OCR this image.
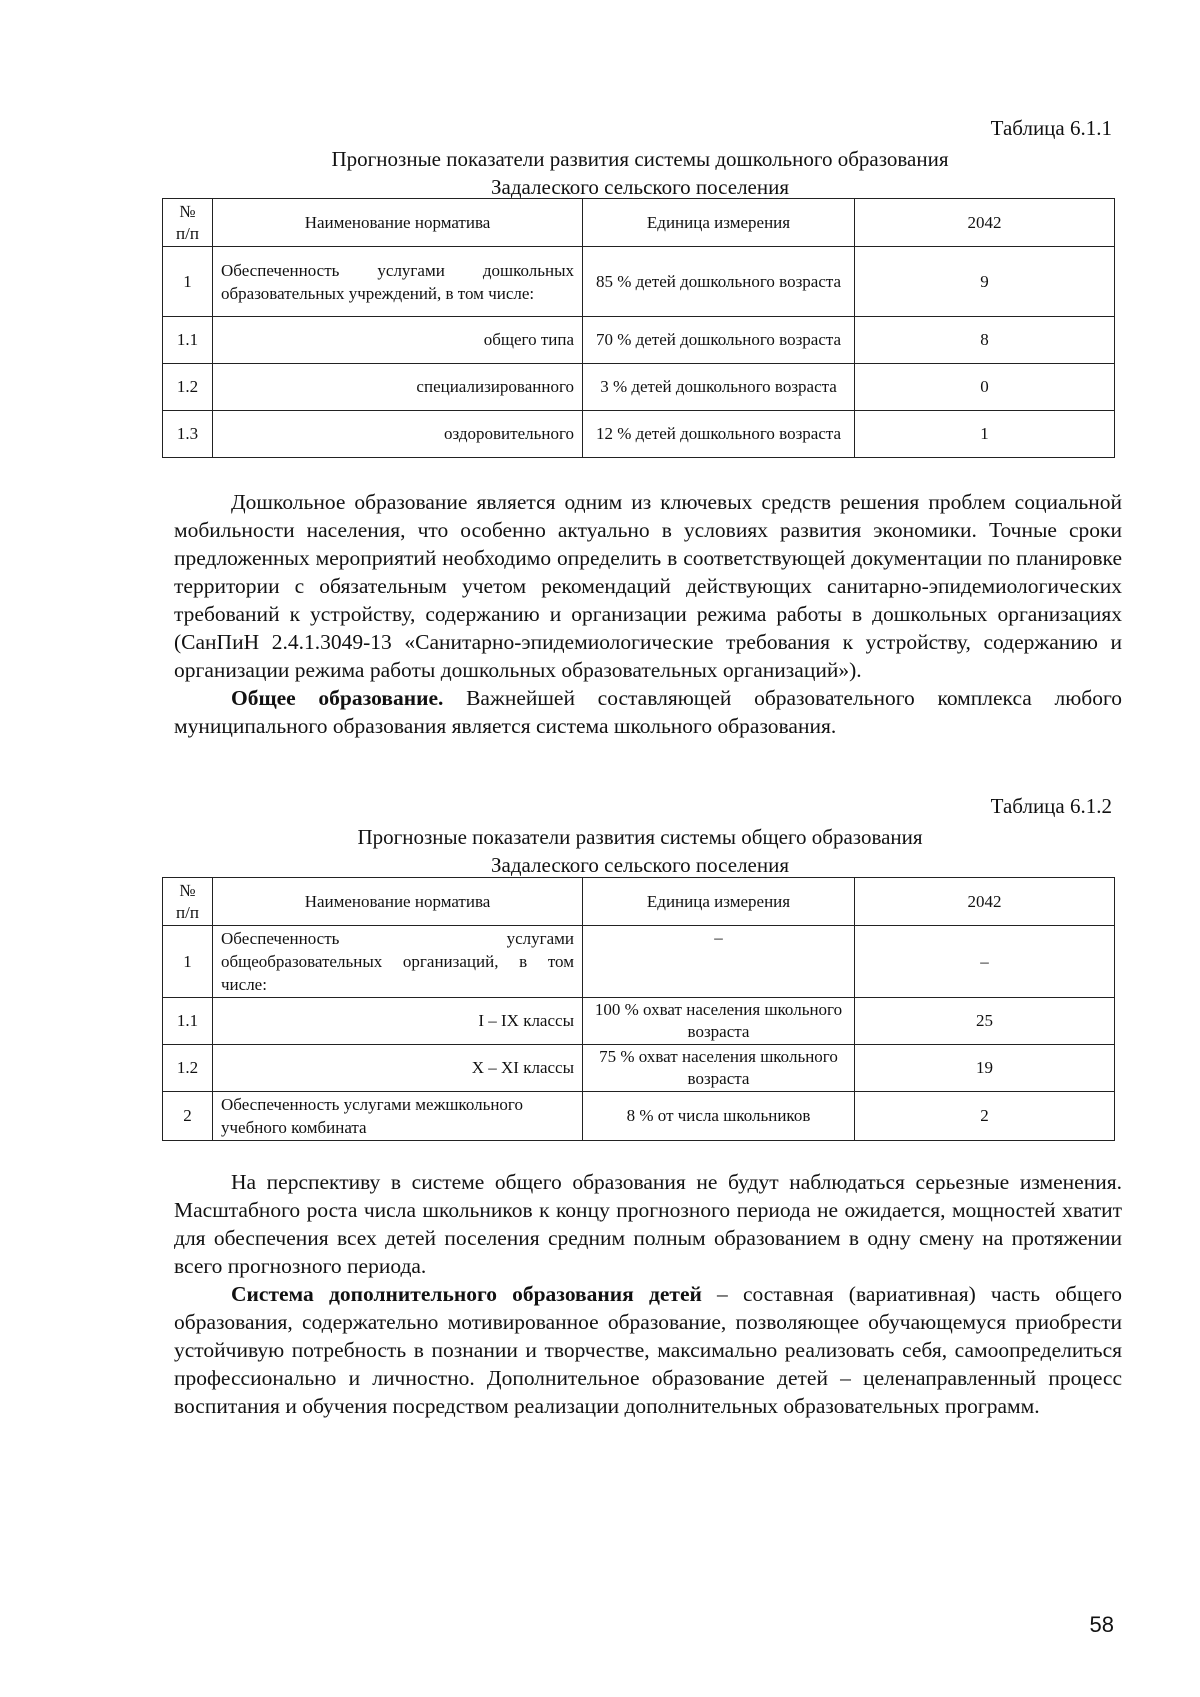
Таблица 6.1.1
Прогнозные показатели развития системы дошкольного образования
Задалеского сельского поселения
№ п/п	Наименование норматива	Единица измерения	2042
1	Обеспеченность услугами дошкольных образовательных учреждений, в том числе:	85 % детей дошкольного возраста	9
1.1	общего типа	70 % детей дошкольного возраста	8
1.2	специализированного	3 % детей дошкольного возраста	0
1.3	оздоровительного	12 % детей дошкольного возраста	1

Дошкольное образование является одним из ключевых средств решения проблем социальной мобильности населения, что особенно актуально в условиях развития экономики. Точные сроки предложенных мероприятий необходимо определить в соответствующей документации по планировке территории с обязательным учетом рекомендаций действующих санитарно-эпидемиологических требований к устройству, содержанию и организации режима работы в дошкольных организациях (СанПиН 2.4.1.3049-13 «Санитарно-эпидемиологические требования к устройству, содержанию и организации режима работы дошкольных образовательных организаций»).

Общее образование. Важнейшей составляющей образовательного комплекса любого муниципального образования является система школьного образования.

Таблица 6.1.2
Прогнозные показатели развития системы общего образования
Задалеского сельского поселения
№ п/п	Наименование норматива	Единица измерения	2042
1	Обеспеченность услугами общеобразовательных организаций, в том числе:	–	–
1.1	I – IX классы	100 % охват населения школьного возраста	25
1.2	X – XI классы	75 % охват населения школьного возраста	19
2	Обеспеченность услугами межшкольного учебного комбината	8 % от числа школьников	2

На перспективу в системе общего образования не будут наблюдаться серьезные изменения. Масштабного роста числа школьников к концу прогнозного периода не ожидается, мощностей хватит для обеспечения всех детей поселения средним полным образованием в одну смену на протяжении всего прогнозного периода.

Система дополнительного образования детей – составная (вариативная) часть общего образования, содержательно мотивированное образование, позволяющее обучающемуся приобрести устойчивую потребность в познании и творчестве, максимально реализовать себя, самоопределиться профессионально и личностно. Дополнительное образование детей – целенаправленный процесс воспитания и обучения посредством реализации дополнительных образовательных программ.

58
